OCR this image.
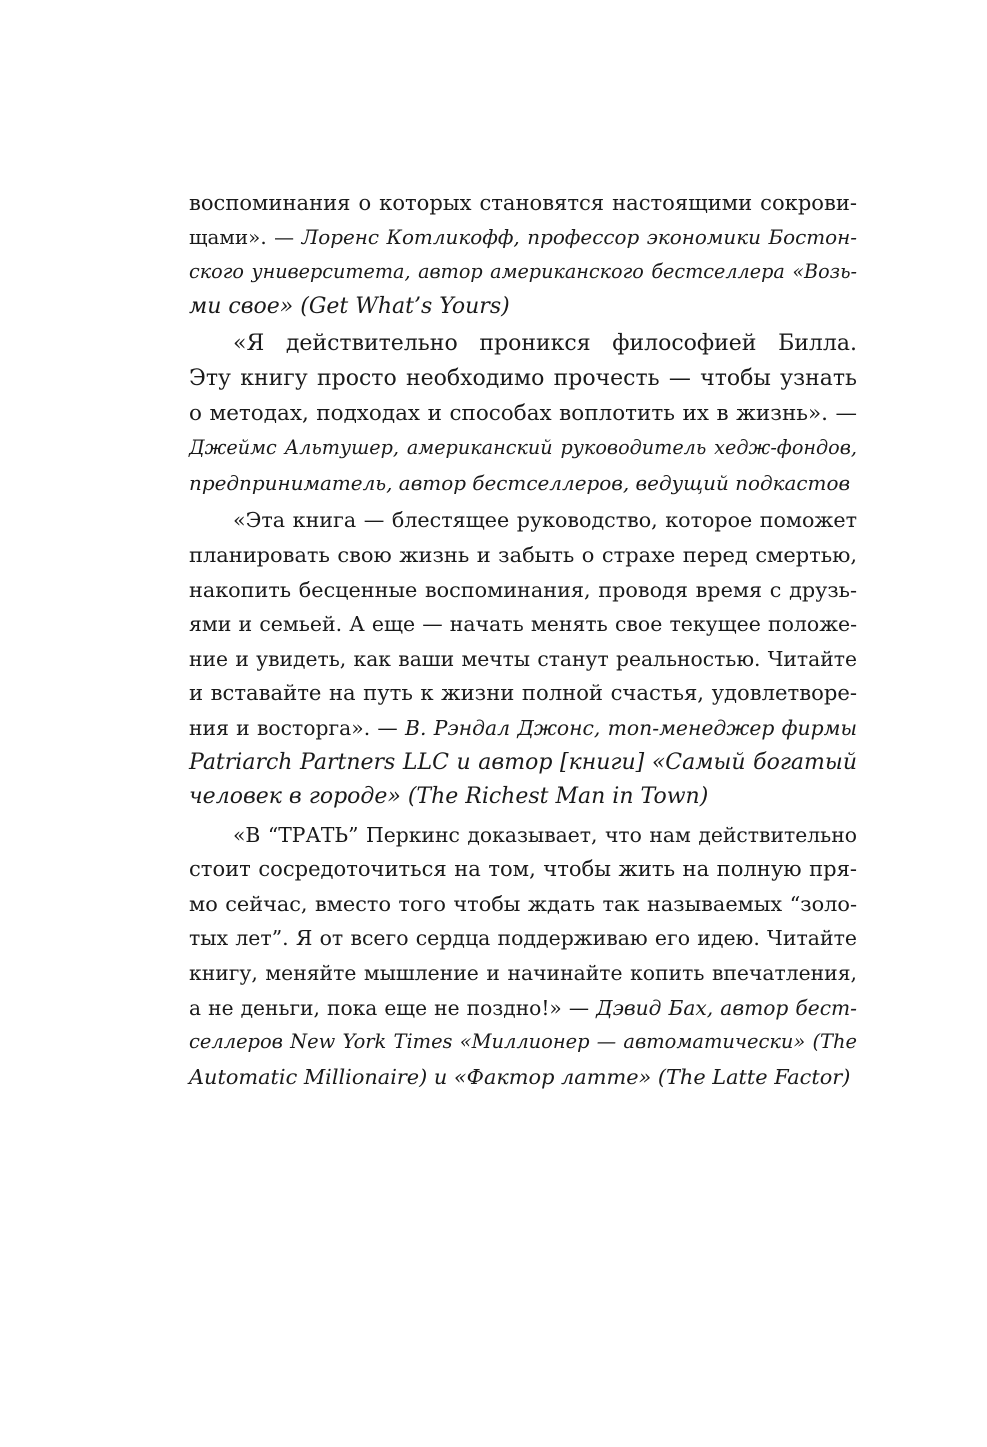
воспоминания о которых становятся настоящими сокрови-
щами». — Лоренс Котликофф, профессор экономики Бостон-
ского университета, автор американского бестселлера «Возь-
ми свое» (Get What’s Yours)
«Я действительно проникся философией Билла.
Эту книгу просто необходимо прочесть — чтобы узнать
о методах, подходах и способах воплотить их в жизнь». —
Джеймс Альтушер, американский руководитель хедж-фондов,
предприниматель, автор бестселлеров, ведущий подкастов
«Эта книга — блестящее руководство, которое поможет
планировать свою жизнь и забыть о страхе перед смертью,
накопить бесценные воспоминания, проводя время с друзь-
ями и семьей. А еще — начать менять свое текущее положе-
ние и увидеть, как ваши мечты станут реальностью. Читайте
и вставайте на путь к жизни полной счастья, удовлетворе-
ния и восторга». — В. Рэндал Джонс, топ-менеджер фирмы
Patriarch Partners LLC и автор [книги] «Самый богатый
человек в городе» (The Richest Man in Town)
«В “ТРАТЬ” Перкинс доказывает, что нам действительно
стоит сосредоточиться на том, чтобы жить на полную пря-
мо сейчас, вместо того чтобы ждать так называемых “золо-
тых лет”. Я от всего сердца поддерживаю его идею. Читайте
книгу, меняйте мышление и начинайте копить впечатления,
а не деньги, пока еще не поздно!» — Дэвид Бах, автор бест-
селлеров New York Times «Миллионер — автоматически» (The
Automatic Millionaire) и «Фактор латте» (The Latte Factor)
